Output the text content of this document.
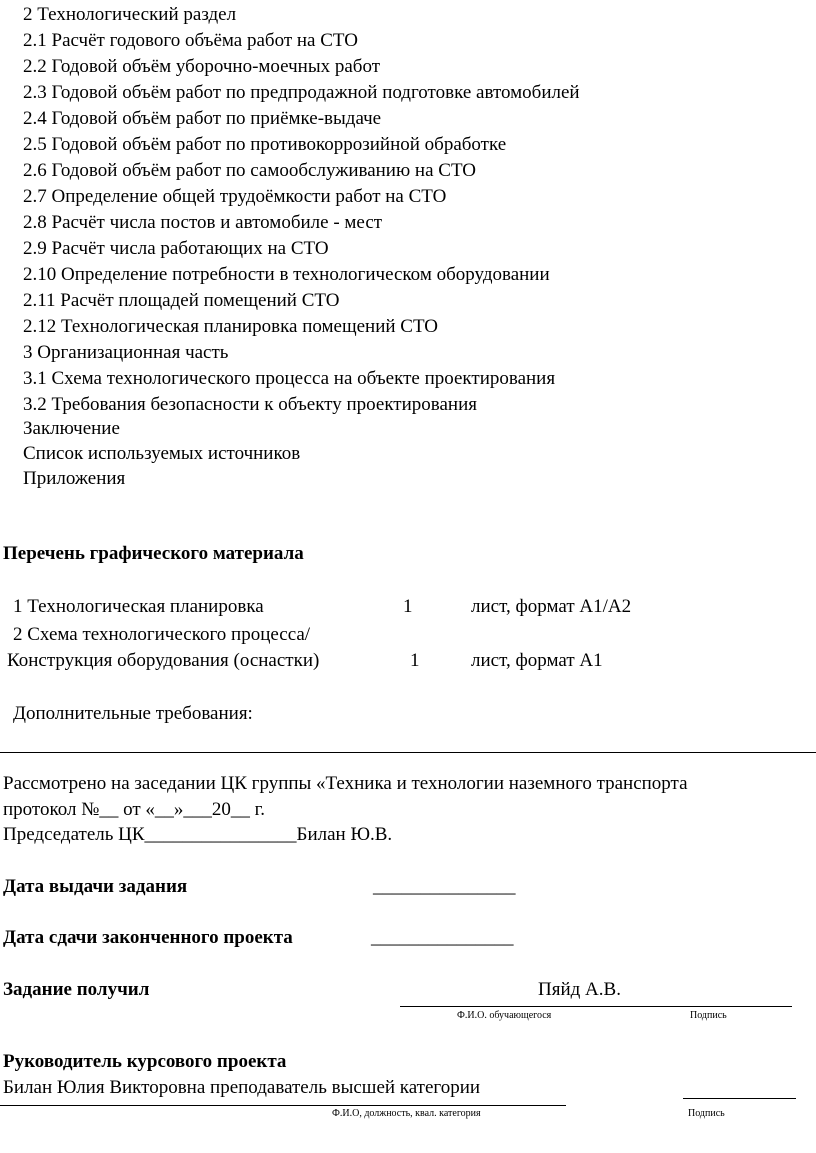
2 Технологический раздел
2.1 Расчёт годового объёма работ на СТО
2.2 Годовой объём уборочно-моечных работ
2.3 Годовой объём работ по предпродажной подготовке автомобилей
2.4 Годовой объём работ по приёмке-выдаче
2.5 Годовой объём работ по противокоррозийной обработке
2.6 Годовой объём работ по самообслуживанию на СТО
2.7 Определение общей трудоёмкости работ на СТО
2.8 Расчёт числа постов и автомобиле - мест
2.9 Расчёт числа работающих на СТО
2.10 Определение потребности в технологическом оборудовании
2.11 Расчёт площадей помещений СТО
2.12 Технологическая планировка помещений СТО
3 Организационная часть
3.1 Схема технологического процесса на объекте проектирования
3.2 Требования безопасности к объекту проектирования
Заключение
Список используемых источников
Приложения
Перечень графического материала
1 Технологическая планировка	1	лист, формат А1/А2
2 Схема технологического процесса/
Конструкция оборудования (оснастки)	1	лист, формат А1
Дополнительные требования:
Рассмотрено на заседании ЦК группы «Техника и технологии наземного транспорта
протокол №__ от «__»___20__ г.
Председатель ЦК________________Билан Ю.В.
Дата выдачи задания	_______________
Дата сдачи законченного проекта	_______________
Задание получил	Пяйд А.В.
Ф.И.О. обучающегося	Подпись
Руководитель курсового проекта
Билан Юлия Викторовна преподаватель высшей категории
Ф.И.О, должность, квал. категория	Подпись
